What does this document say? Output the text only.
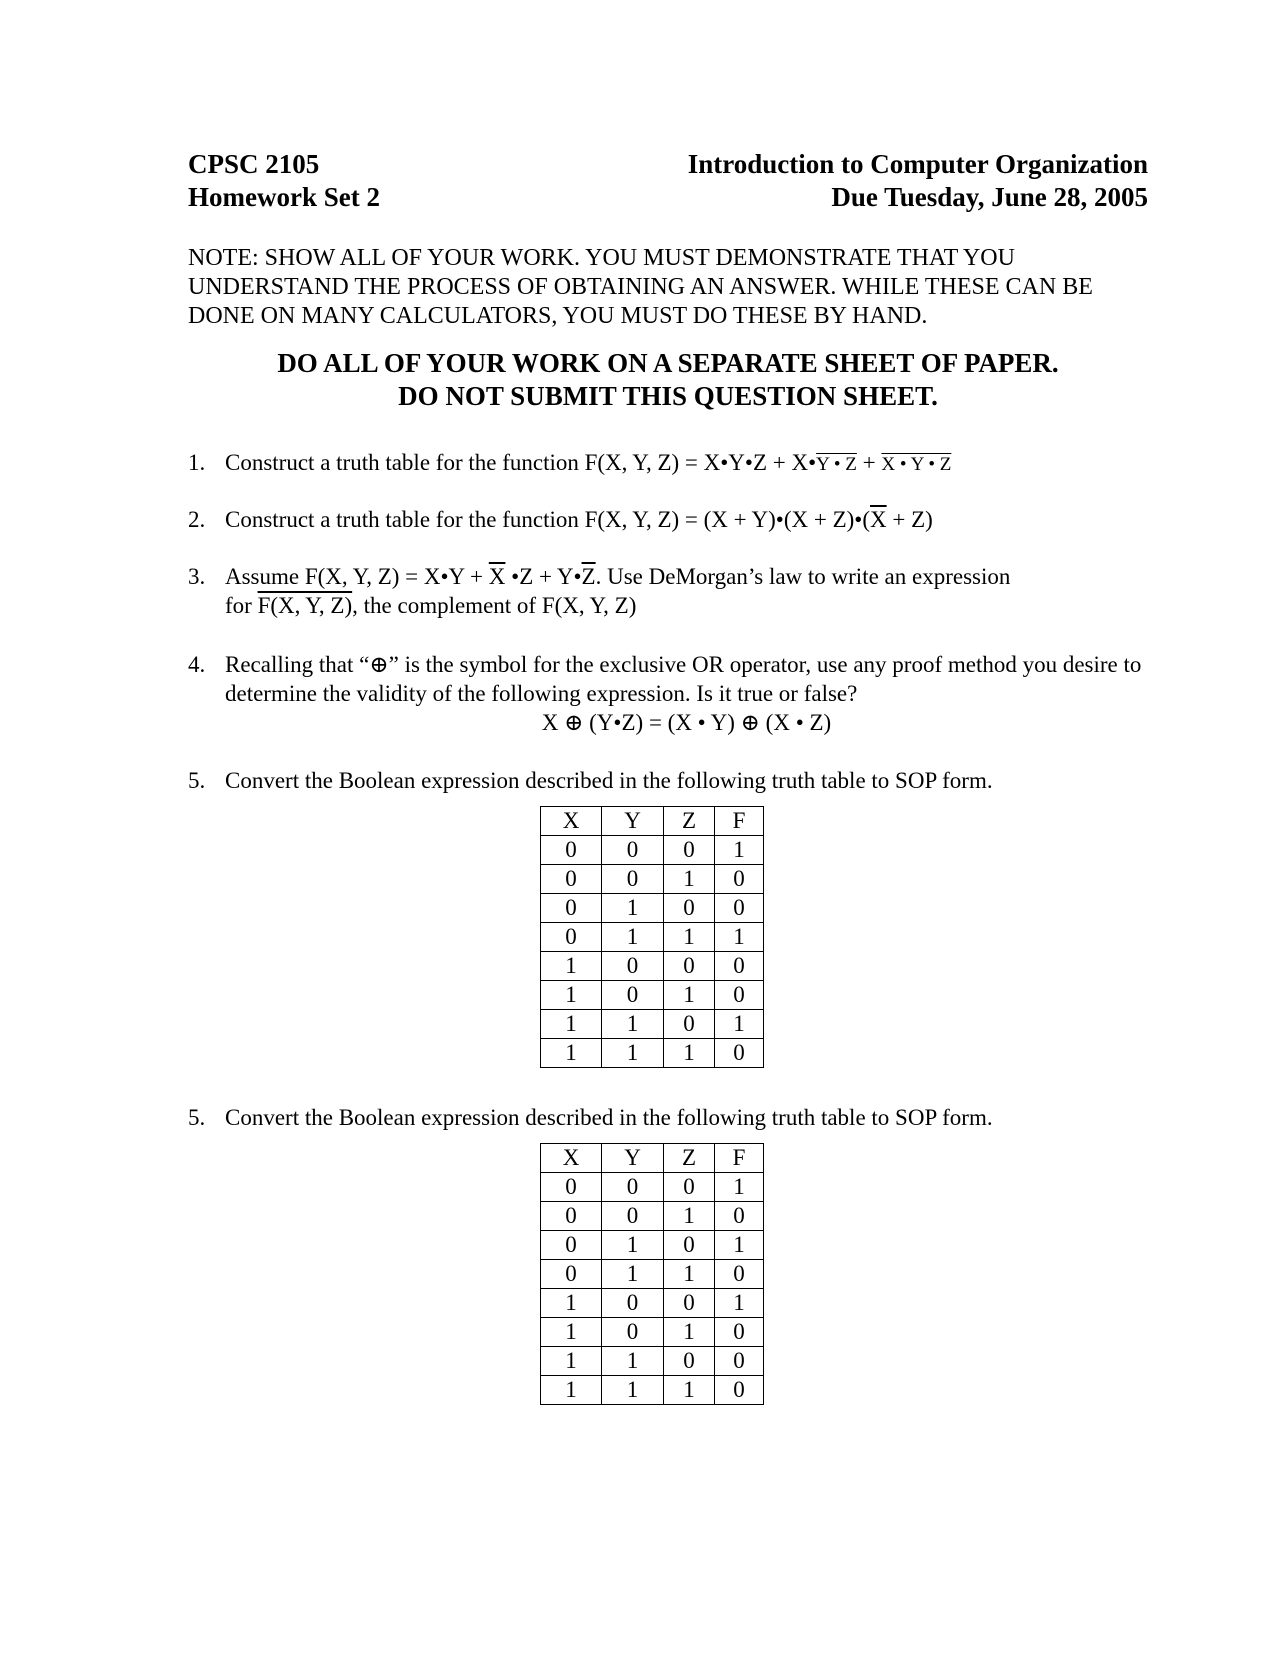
CPSC 2105	Introduction to Computer Organization
Homework Set 2	Due Tuesday, June 28, 2005
NOTE: SHOW ALL OF YOUR WORK. YOU MUST DEMONSTRATE THAT YOU UNDERSTAND THE PROCESS OF OBTAINING AN ANSWER. WHILE THESE CAN BE DONE ON MANY CALCULATORS, YOU MUST DO THESE BY HAND.
DO ALL OF YOUR WORK ON A SEPARATE SHEET OF PAPER.
DO NOT SUBMIT THIS QUESTION SHEET.
1. Construct a truth table for the function F(X, Y, Z) = X•Y•Z + X•Y • Z + X • Y • Z
2. Construct a truth table for the function F(X, Y, Z) = (X + Y)•(X + $Z)•(\overline{X} + Z)$
3. Assume F(X, Y, Z) = X•Y + $\overline{X}$ •Z + $Y•\overline{Z}$. Use DeMorgan’s law to write an expression
for F(X, Y, Z), the complement of F(X, Y, Z)
4. Recalling that “⊕” is the symbol for the exclusive OR operator, use any proof method you desire to determine the validity of the following expression. Is it true or false?
X ⊕ (Y•Z) = (X • Y) ⊕ (X • Z)
5. Convert the Boolean expression described in the following truth table to SOP form.
X	Y	Z	F
0	0	0	1
0	0	1	0
0	1	0	0
0	1	1	1
1	0	0	0
1	0	1	0
1	1	0	1
1	1	1	0
5. Convert the Boolean expression described in the following truth table to SOP form.
X	Y	Z	F
0	0	0	1
0	0	1	0
0	1	0	1
0	1	1	0
1	0	0	1
1	0	1	0
1	1	0	0
1	1	1	0
